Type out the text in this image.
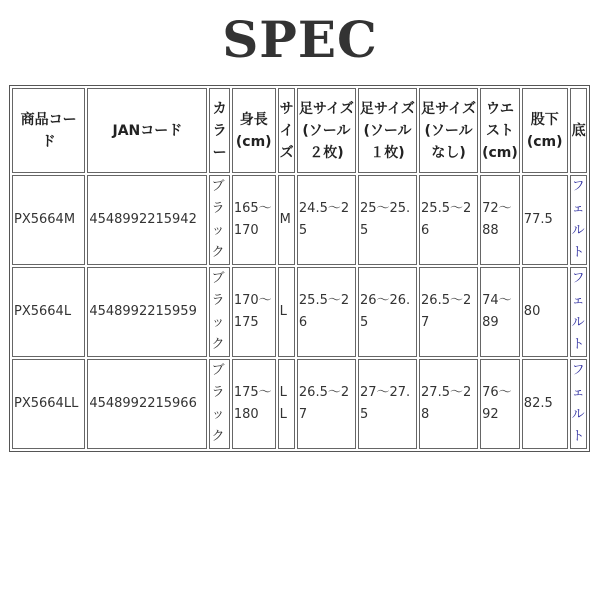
SPEC
商品コード	JANコード	カラー	身長(cm)	サイズ	足サイズ (ソール２枚)	足サイズ (ソール１枚)	足サイズ (ソールなし)	ウエスト(cm)	股下(cm)	底
PX5664M	4548992215942	ブラック	165〜170	M	24.5〜25	25〜25.5	25.5〜26	72〜88	77.5	フェルト
PX5664L	4548992215959	ブラック	170〜175	L	25.5〜26	26〜26.5	26.5〜27	74〜89	80	フェルト
PX5664LL	4548992215966	ブラック	175〜180	LL	26.5〜27	27〜27.5	27.5〜28	76〜92	82.5	フェルト
